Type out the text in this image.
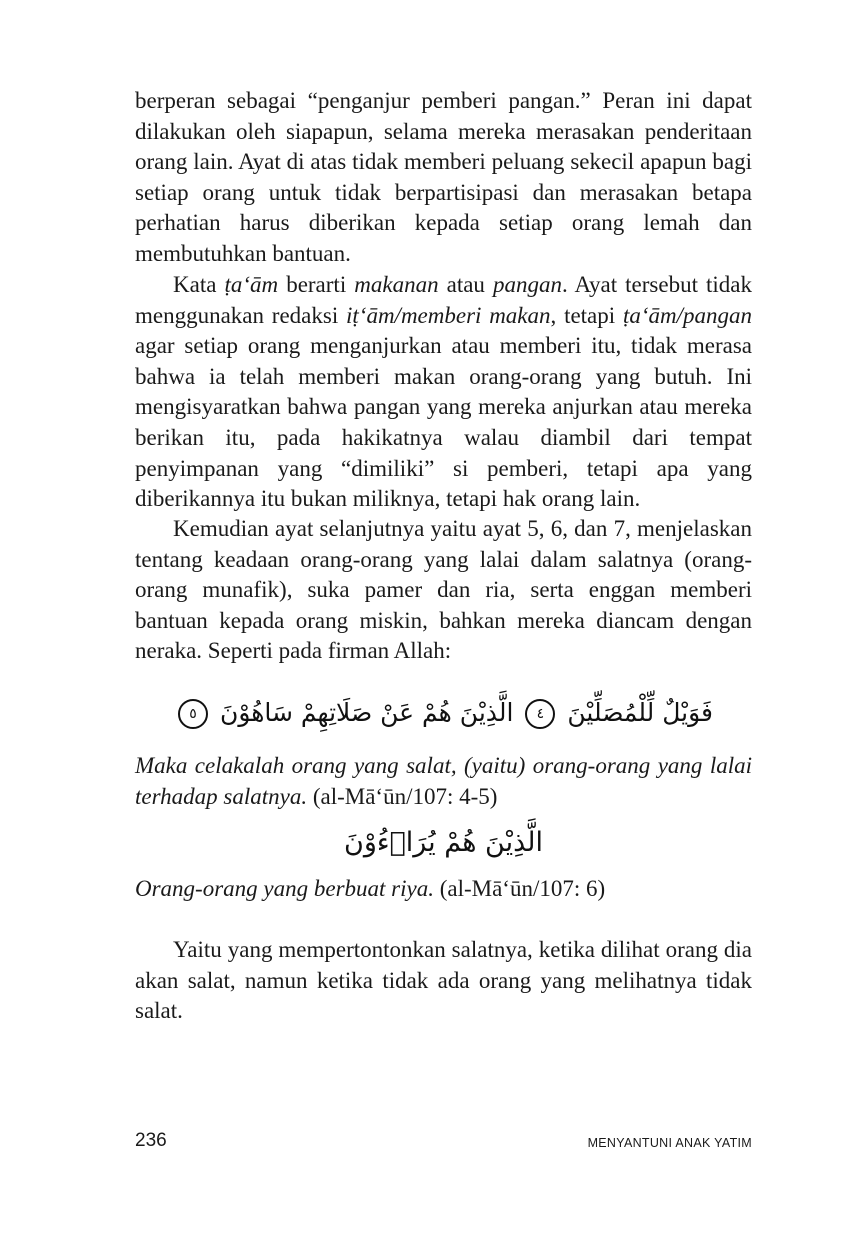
berperan sebagai “penganjur pemberi pangan.” Peran ini dapat dilakukan oleh siapapun, selama mereka merasakan penderitaan orang lain. Ayat di atas tidak memberi peluang sekecil apapun bagi setiap orang untuk tidak berpartisipasi dan merasakan betapa perhatian harus diberikan kepada setiap orang lemah dan membutuhkan bantuan.

Kata ṭa‘ām berarti makanan atau pangan. Ayat tersebut tidak menggunakan redaksi iṭ‘ām/memberi makan, tetapi ṭa‘ām/pangan agar setiap orang menganjurkan atau memberi itu, tidak merasa bahwa ia telah memberi makan orang-orang yang butuh. Ini mengisyaratkan bahwa pangan yang mereka anjurkan atau mereka berikan itu, pada hakikatnya walau diambil dari tempat penyimpanan yang “dimiliki” si pemberi, tetapi apa yang diberikannya itu bukan miliknya, tetapi hak orang lain.

Kemudian ayat selanjutnya yaitu ayat 5, 6, dan 7, menjelaskan tentang keadaan orang-orang yang lalai dalam salatnya (orang-orang munafik), suka pamer dan ria, serta enggan memberi bantuan kepada orang miskin, bahkan mereka diancam dengan neraka. Seperti pada firman Allah:

فَوَيْلٌ لِّلْمُصَلِّيْنَ ٤ الَّذِيْنَ هُمْ عَنْ صَلَاتِهِمْ سَاهُوْنَ ٥
Maka celakalah orang yang salat, (yaitu) orang-orang yang lalai terhadap salatnya. (al-Mā‘ūn/107: 4-5)
الَّذِيْنَ هُمْ يُرَاۤءُوْنَ
Orang-orang yang berbuat riya. (al-Mā‘ūn/107: 6)

Yaitu yang mempertontonkan salatnya, ketika dilihat orang dia akan salat, namun ketika tidak ada orang yang melihatnya tidak salat.

236	MENYANTUNI ANAK YATIM
